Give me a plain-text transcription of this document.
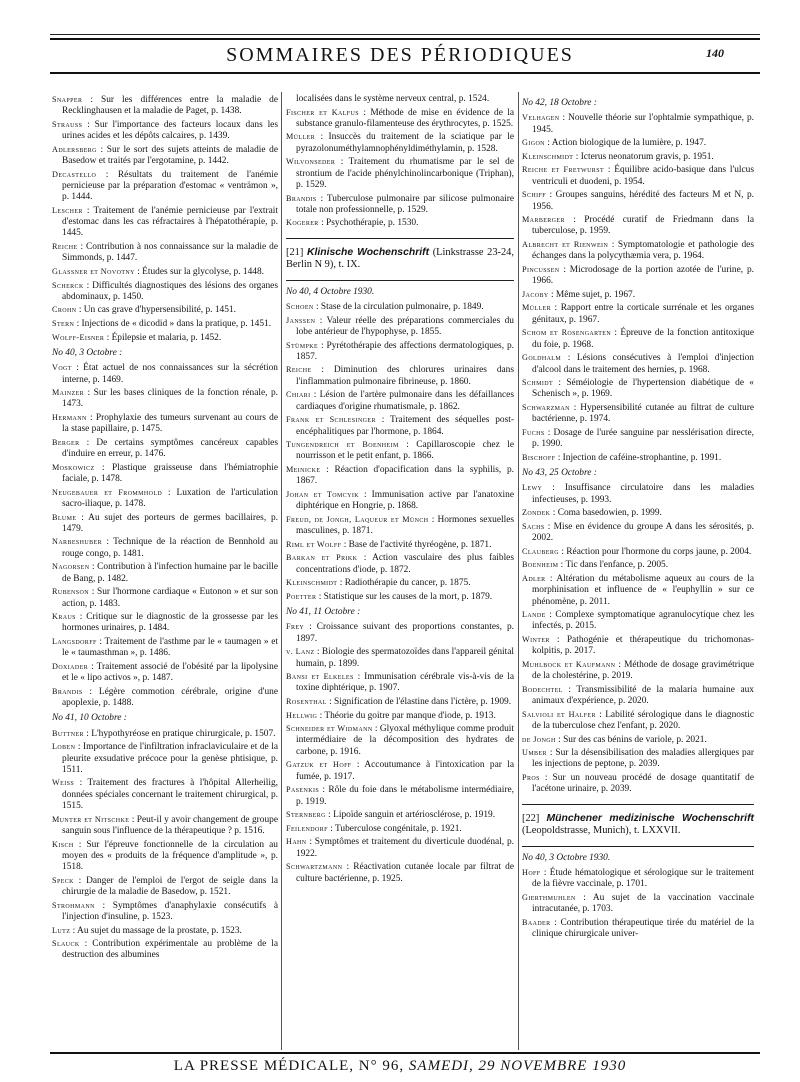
SOMMAIRES DES PÉRIODIQUES	140

Snapper : Sur les différences entre la maladie de Recklinghausen et la maladie de Paget, p. 1438.

Strauss : Sur l'importance des facteurs locaux dans les urines acides et les dépôts calcaires, p. 1439.

Adlersberg : Sur le sort des sujets atteints de maladie de Basedow et traités par l'ergotamine, p. 1442.

Decastello : Résultats du traitement de l'anémie pernicieuse par la préparation d'estomac « venträmon », p. 1444.

Lescher : Traitement de l'anémie pernicieuse par l'extrait d'estomac dans les cas réfractaires à l'hépatothérapie, p. 1445.

Reiche : Contribution à nos connaissance sur la maladie de Simmonds, p. 1447.

Glassner et Novotny : Études sur la glycolyse, p. 1448.

Scherck : Difficultés diagnostiques des lésions des organes abdominaux, p. 1450.

Crohn : Un cas grave d'hypersensibilité, p. 1451.

Stern : Injections de « dicodid » dans la pratique, p. 1451.

Wolff-Eisner : Épilepsie et malaria, p. 1452.

No 40, 3 Octobre :

Vogt : État actuel de nos connaissances sur la sécrétion interne, p. 1469.

Mainzer : Sur les bases cliniques de la fonction rénale, p. 1473.

Hermann : Prophylaxie des tumeurs survenant au cours de la stase papillaire, p. 1475.

Berger : De certains symptômes cancéreux capables d'induire en erreur, p. 1476.

Moskowicz : Plastique graisseuse dans l'hémiatrophie faciale, p. 1478.

Neugebauer et Frommhold : Luxation de l'articulation sacro-iliaque, p. 1478.

Blume : Au sujet des porteurs de germes bacillaires, p. 1479.

Narbeshuber : Technique de la réaction de Bennhold au rouge congo, p. 1481.

Nagorsen : Contribution à l'infection humaine par le bacille de Bang, p. 1482.

Rubenson : Sur l'hormone cardiaque « Eutonon » et sur son action, p. 1483.

Kraus : Critique sur le diagnostic de la grossesse par les hormones urinaires, p. 1484.

Langsdorff : Traitement de l'asthme par le « taumagen » et le « taumasthman », p. 1486.

Doxiader : Traitement associé de l'obésité par la lipolysine et le « lipo activos », p. 1487.

Brandis : Légère commotion cérébrale, origine d'une apoplexie, p. 1488.

No 41, 10 Octobre :

Buttner : L'hypothyréose en pratique chirurgicale, p. 1507.

Loben : Importance de l'infiltration infraclaviculaire et de la pleurite exsudative précoce pour la genèse phtisique, p. 1511.

Weiss : Traitement des fractures à l'hôpital Allerheilig, données spéciales concernant le traitement chirurgical, p. 1515.

Munter et Nitschke : Peut-il y avoir changement de groupe sanguin sous l'influence de la thérapeutique ? p. 1516.

Kisch : Sur l'épreuve fonctionnelle de la circulation au moyen des « produits de la fréquence d'amplitude », p. 1518.

Speck : Danger de l'emploi de l'ergot de seigle dans la chirurgie de la maladie de Basedow, p. 1521.

Strohmann : Symptômes d'anaphylaxie consécutifs à l'injection d'insuline, p. 1523.

Lutz : Au sujet du massage de la prostate, p. 1523.

Slauck : Contribution expérimentale au problème de la destruction des albumines

localisées dans le système nerveux central, p. 1524.

Fischer et Kalfus : Méthode de mise en évidence de la substance granulo-filamenteuse des érythrocytes, p. 1525.

Müller : Insuccès du traitement de la sciatique par le pyrazolonuméthylamnophényldiméthylamin, p. 1528.

Wilvonseder : Traitement du rhumatisme par le sel de strontium de l'acide phénylchinolincarbonique (Triphan), p. 1529.

Brandis : Tuberculose pulmonaire par silicose pulmonaire totale non professionnelle, p. 1529.

Kogerer : Psychothérapie, p. 1530.

[21] Klinische Wochenschrift (Linkstrasse 23-24, Berlin N 9), t. IX.
No 40, 4 Octobre 1930.

Schoen : Stase de la circulation pulmonaire, p. 1849.

Janssen : Valeur réelle des préparations commerciales du lobe antérieur de l'hypophyse, p. 1855.

Stümpke : Pyrétothérapie des affections dermatologiques, p. 1857.

Reiche : Diminution des chlorures urinaires dans l'inflammation pulmonaire fibrineuse, p. 1860.

Chiari : Lésion de l'artère pulmonaire dans les défaillances cardiaques d'origine rhumatismale, p. 1862.

Frank et Schlesinger : Traitement des séquelles post-encéphalitiques par l'hormone, p. 1864.

Tungendreich et Boenheim : Capillaroscopie chez le nourrisson et le petit enfant, p. 1866.

Meinicke : Réaction d'opacification dans la syphilis, p. 1867.

Johan et Tomcyik : Immunisation active par l'anatoxine diphtérique en Hongrie, p. 1868.

Freud, de Jongh, Laqueur et Münch : Hormones sexuelles masculines, p. 1871.

Riml et Wolff : Base de l'activité thyréogène, p. 1871.

Barkan et Prikk : Action vasculaire des plus faibles concentrations d'iode, p. 1872.

Kleinschmidt : Radiothérapie du cancer, p. 1875.

Poetter : Statistique sur les causes de la mort, p. 1879.

No 41, 11 Octobre :

Frey : Croissance suivant des proportions constantes, p. 1897.

v. Lanz : Biologie des spermatozoïdes dans l'appareil génital humain, p. 1899.

Bansi et Elkeles : Immunisation cérébrale vis-à-vis de la toxine diphtérique, p. 1907.

Rosenthal : Signification de l'élastine dans l'ictère, p. 1909.

Hellwig : Théorie du goitre par manque d'iode, p. 1913.

Schneider et Widmann : Glyoxal méthylique comme produit intermédiaire de la décomposition des hydrates de carbone, p. 1916.

Gatzuk et Hoff : Accoutumance à l'intoxication par la fumée, p. 1917.

Pasenkis : Rôle du foie dans le métabolisme intermédiaire, p. 1919.

Sternberg : Lipoïde sanguin et artériosclérose, p. 1919.

Feilendorf : Tuberculose congénitale, p. 1921.

Hahn : Symptômes et traitement du diverticule duodénal, p. 1922.

Schwartzmann : Réactivation cutanée locale par filtrat de culture bactérienne, p. 1925.

No 42, 18 Octobre :

Velhagen : Nouvelle théorie sur l'ophtalmie sympathique, p. 1945.

Gigon : Action biologique de la lumière, p. 1947.

Kleinschmidt : Icterus neonatorum gravis, p. 1951.

Reiche et Fretwurst : Équilibre acido-basique dans l'ulcus ventriculi et duodeni, p. 1954.

Schiff : Groupes sanguins, hérédité des facteurs M et N, p. 1956.

Marberger : Procédé curatif de Friedmann dans la tuberculose, p. 1959.

Albrecht et Rienwein : Symptomatologie et pathologie des échanges dans la polycythæmia vera, p. 1964.

Pincussen : Microdosage de la portion azotée de l'urine, p. 1966.

Jacoby : Même sujet, p. 1967.

Müller : Rapport entre la corticale surrénale et les organes génitaux, p. 1967.

Schom et Rosengarten : Épreuve de la fonction antitoxique du foie, p. 1968.

Goldhalm : Lésions consécutives à l'emploi d'injection d'alcool dans le traitement des hernies, p. 1968.

Schmidt : Séméiologie de l'hypertension diabétique de « Schenisch », p. 1969.

Schwarzman : Hypersensibilité cutanée au filtrat de culture bactérienne, p. 1974.

Fuchs : Dosage de l'urée sanguine par nesslérisation directe, p. 1990.

Bischoff : Injection de caféine-strophantine, p. 1991.

No 43, 25 Octobre :

Lewy : Insuffisance circulatoire dans les maladies infectieuses, p. 1993.

Zondek : Coma basedowien, p. 1999.

Sachs : Mise en évidence du groupe A dans les sérosités, p. 2002.

Clauberg : Réaction pour l'hormone du corps jaune, p. 2004.

Boenheim : Tic dans l'enfance, p. 2005.

Adler : Altération du métabolisme aqueux au cours de la morphinisation et influence de « l'euphyllin » sur ce phénomène, p. 2011.

Lande : Complexe symptomatique agranulocytique chez les infectés, p. 2015.

Winter : Pathogénie et thérapeutique du trichomonas-kolpitis, p. 2017.

Muhlbock et Kaufmann : Méthode de dosage gravimétrique de la cholestérine, p. 2019.

Bodechtel : Transmissibilité de la malaria humaine aux animaux d'expérience, p. 2020.

Salvioli et Halfer : Labilité sérologique dans le diagnostic de la tuberculose chez l'enfant, p. 2020.

de Jongh : Sur des cas bénins de variole, p. 2021.

Umber : Sur la désensibilisation des maladies allergiques par les injections de peptone, p. 2039.

Pros : Sur un nouveau procédé de dosage quantitatif de l'acétone urinaire, p. 2039.

[22] Münchener medizinische Wochenschrift (Leopoldstrasse, Munich), t. LXXVII.
No 40, 3 Octobre 1930.

Hoff : Étude hématologique et sérologique sur le traitement de la fièvre vaccinale, p. 1701.

Gierthmuhlen : Au sujet de la vaccination vaccinale intracutanée, p. 1703.

Baader : Contribution thérapeutique tirée du matériel de la clinique chirurgicale univer-

LA PRESSE MÉDICALE, N° 96, SAMEDI, 29 NOVEMBRE 1930
